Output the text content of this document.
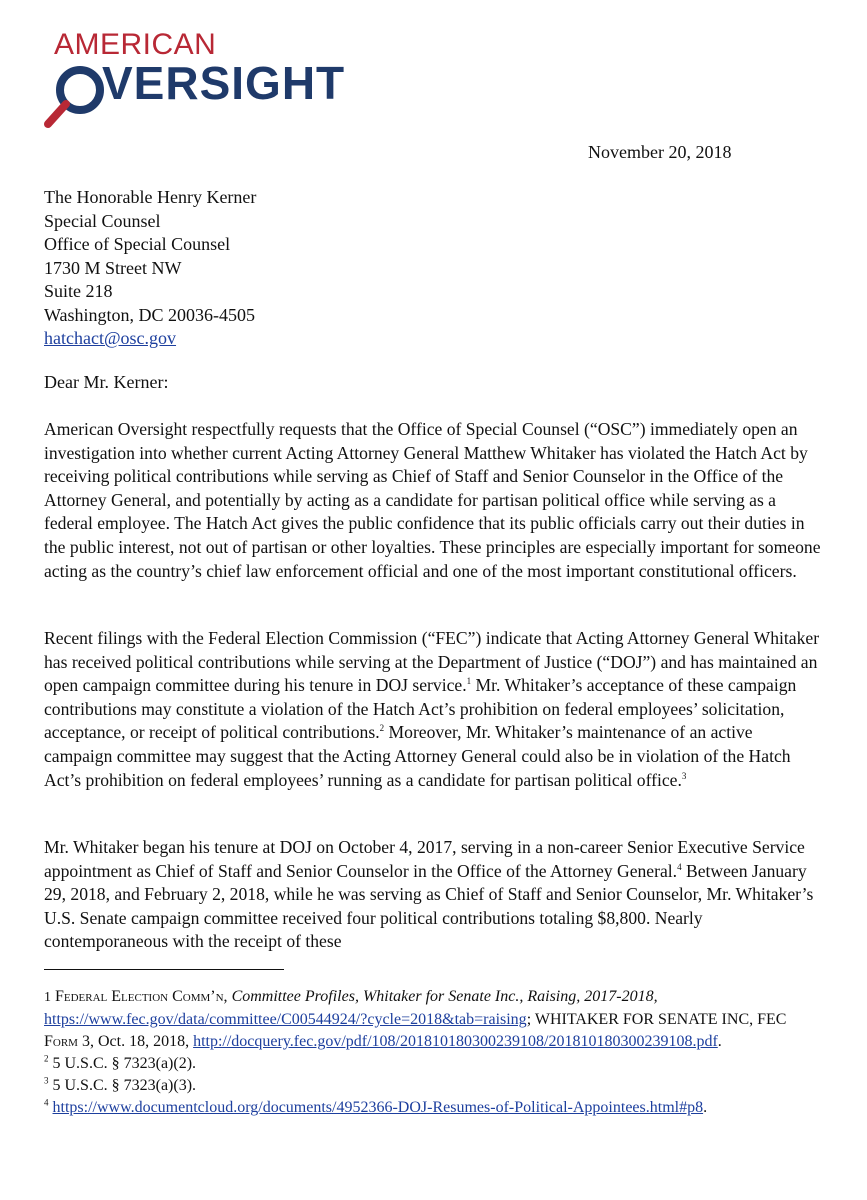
AMERICAN
VERSIGHT
November 20, 2018
The Honorable Henry Kerner
Special Counsel
Office of Special Counsel
1730 M Street NW
Suite 218
Washington, DC 20036-4505
hatchact@osc.gov
Dear Mr. Kerner:

American Oversight respectfully requests that the Office of Special Counsel (“OSC”) immediately open an investigation into whether current Acting Attorney General Matthew Whitaker has violated the Hatch Act by receiving political contributions while serving as Chief of Staff and Senior Counselor in the Office of the Attorney General, and potentially by acting as a candidate for partisan political office while serving as a federal employee. The Hatch Act gives the public confidence that its public officials carry out their duties in the public interest, not out of partisan or other loyalties. These principles are especially important for someone acting as the country’s chief law enforcement official and one of the most important constitutional officers.

Recent filings with the Federal Election Commission (“FEC”) indicate that Acting Attorney General Whitaker has received political contributions while serving at the Department of Justice (“DOJ”) and has maintained an open campaign committee during his tenure in DOJ service.$^1$ Mr. Whitaker’s acceptance of these campaign contributions may constitute a violation of the Hatch Act’s prohibition on federal employees’ solicitation, acceptance, or receipt of political contributions.$^2$ Moreover, Mr. Whitaker’s maintenance of an active campaign committee may suggest that the Acting Attorney General could also be in violation of the Hatch Act’s prohibition on federal employees’ running as a candidate for partisan political office.$^3$

Mr. Whitaker began his tenure at DOJ on October 4, 2017, serving in a non-career Senior Executive Service appointment as Chief of Staff and Senior Counselor in the Office of the Attorney General.$^4$ Between January 29, 2018, and February 2, 2018, while he was serving as Chief of Staff and Senior Counselor, Mr. Whitaker’s U.S. Senate campaign committee received four political contributions totaling $8,800. Nearly contemporaneous with the receipt of these

1 Federal Election Comm’n, Committee Profiles, Whitaker for Senate Inc., Raising, 2017-2018, https://www.fec.gov/data/committee/C00544924/?cycle=2018&tab=raising; WHITAKER FOR SENATE INC, FEC Form 3, Oct. 18, 2018, http://docquery.fec.gov/pdf/108/201810180300239108/201810180300239108.pdf.

$^2$ 5 U.S.C. § 7323(a)(2).

$^3$ 5 U.S.C. § 7323(a)(3).

$^4$ https://www.documentcloud.org/documents/4952366-DOJ-Resumes-of-Political-Appointees.html#p8.
